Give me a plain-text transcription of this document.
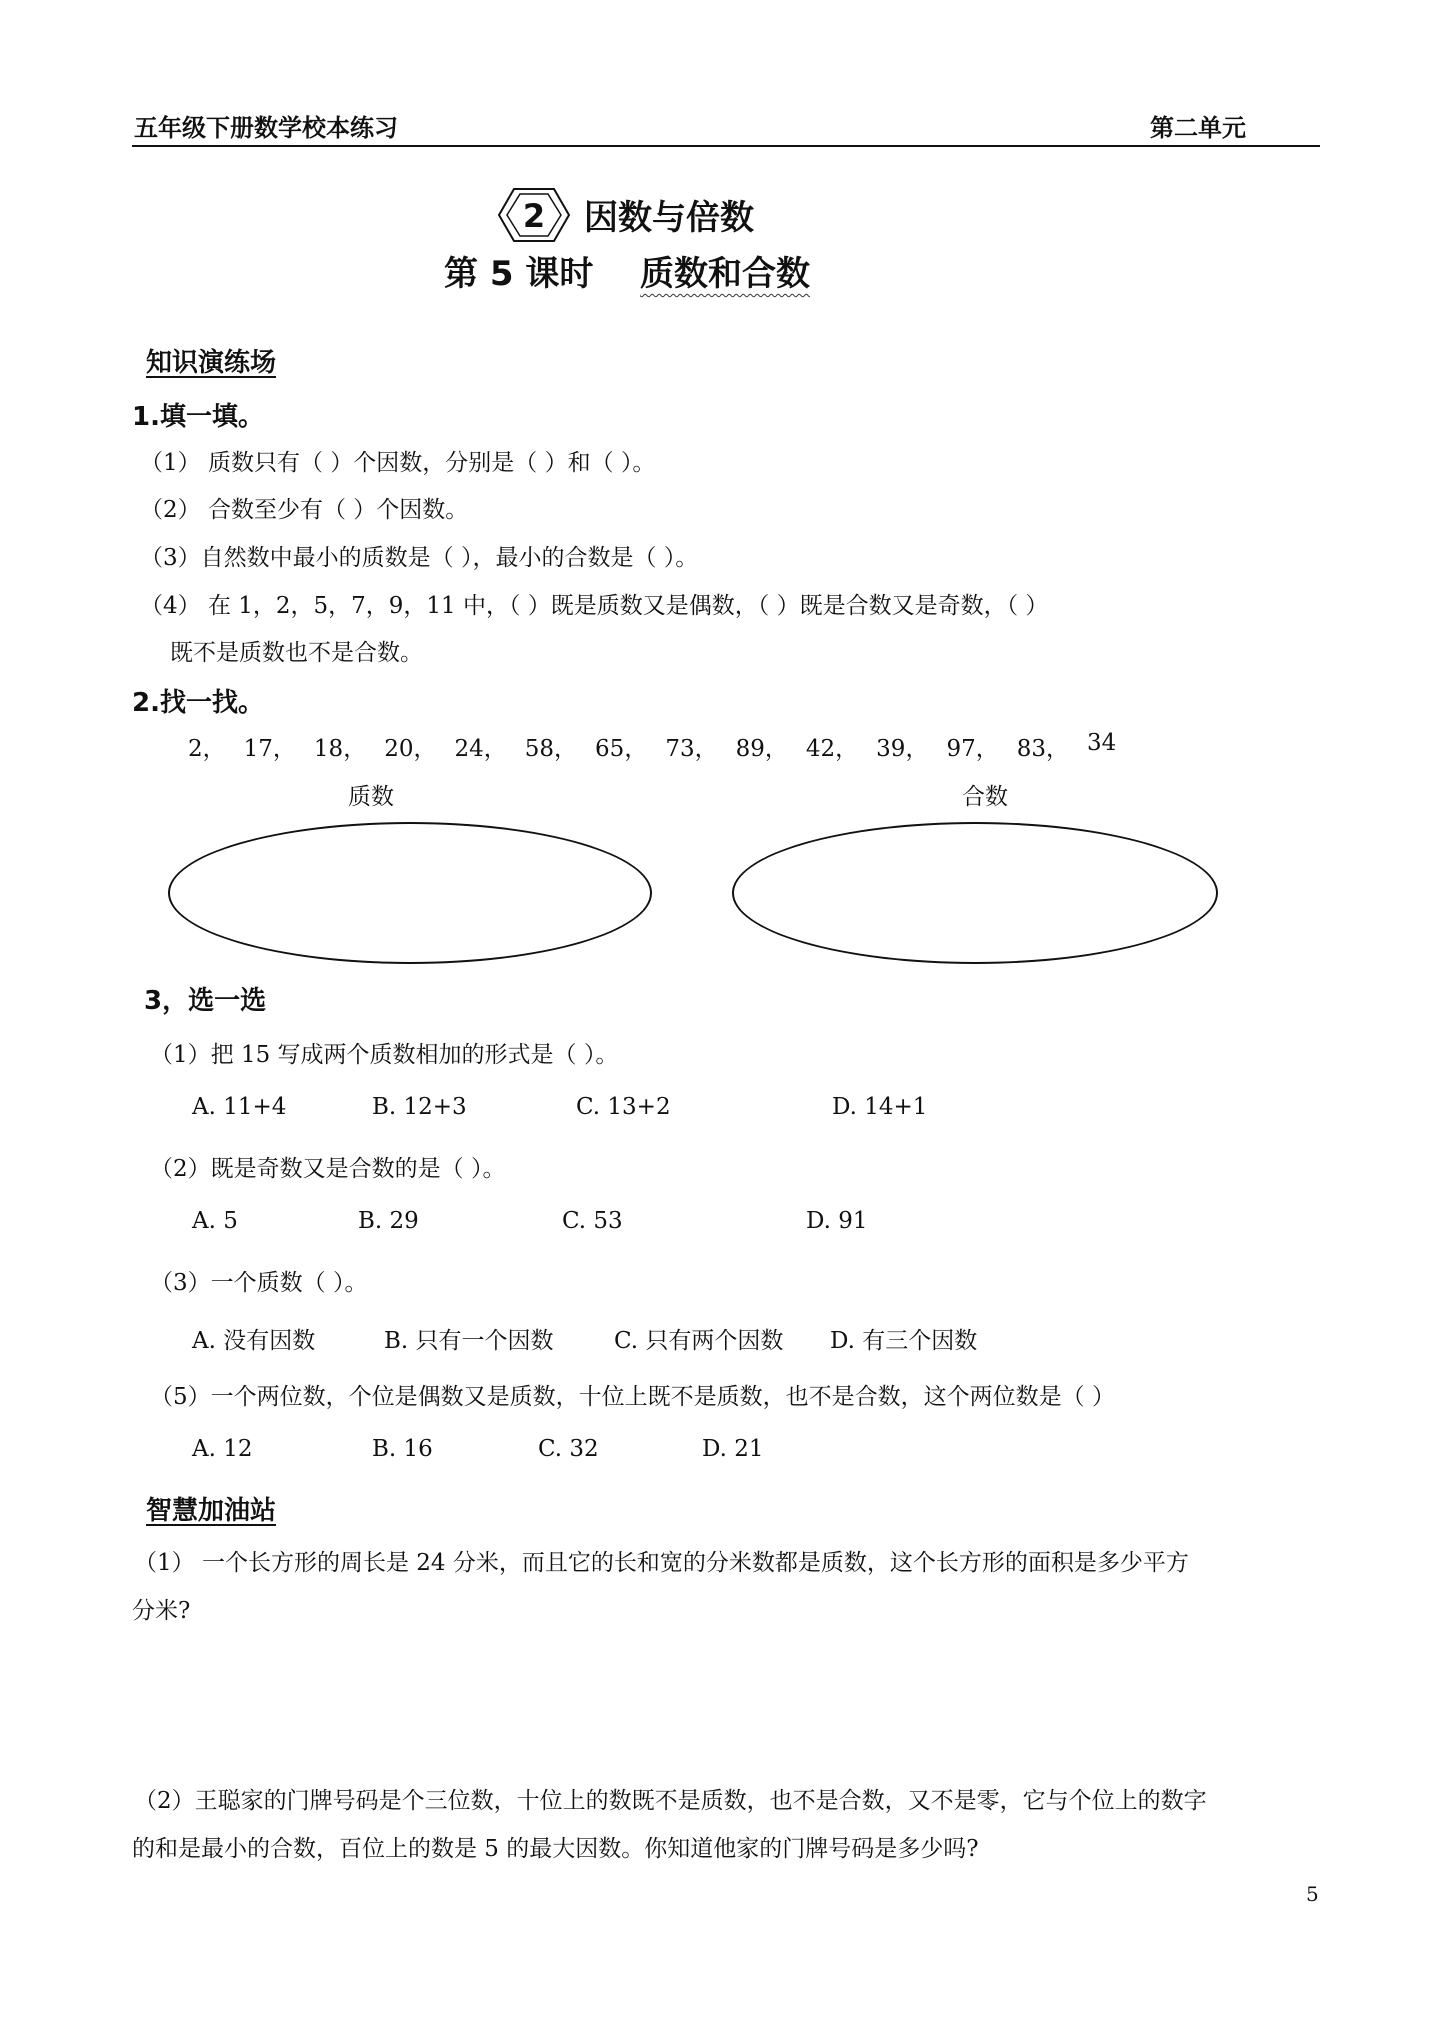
五年级下册数学校本练习	第二单元
2 因数与倍数
第 5 课时 质数和合数
知识演练场
1.填一填。
（1） 质数只有（ ）个因数，分别是（ ）和（ ）。
（2） 合数至少有（ ）个因数。
（3）自然数中最小的质数是（ ），最小的合数是（ ）。
（4） 在 1，2，5，7，9，11 中，（ ）既是质数又是偶数，（ ）既是合数又是奇数，（ ）
既不是质数也不是合数。
2.找一找。
2， 17， 18， 20， 24， 58， 65， 73， 89， 42， 39， 97， 83， 34
质数	合数
3，选一选
（1）把 15 写成两个质数相加的形式是（ ）。
A. 11+4	B. 12+3	C. 13+2	D. 14+1
（2）既是奇数又是合数的是（ ）。
A. 5	B. 29	C. 53	D. 91
（3）一个质数（ ）。
A. 没有因数	B. 只有一个因数	C. 只有两个因数 D. 有三个因数
（5）一个两位数，个位是偶数又是质数，十位上既不是质数，也不是合数，这个两位数是（ ）
A. 12	B. 16	C. 32	D. 21
智慧加油站
（1） 一个长方形的周长是 24 分米，而且它的长和宽的分米数都是质数，这个长方形的面积是多少平方
分米?
（2）王聪家的门牌号码是个三位数，十位上的数既不是质数，也不是合数，又不是零，它与个位上的数字
的和是最小的合数，百位上的数是 5 的最大因数。你知道他家的门牌号码是多少吗?
5
